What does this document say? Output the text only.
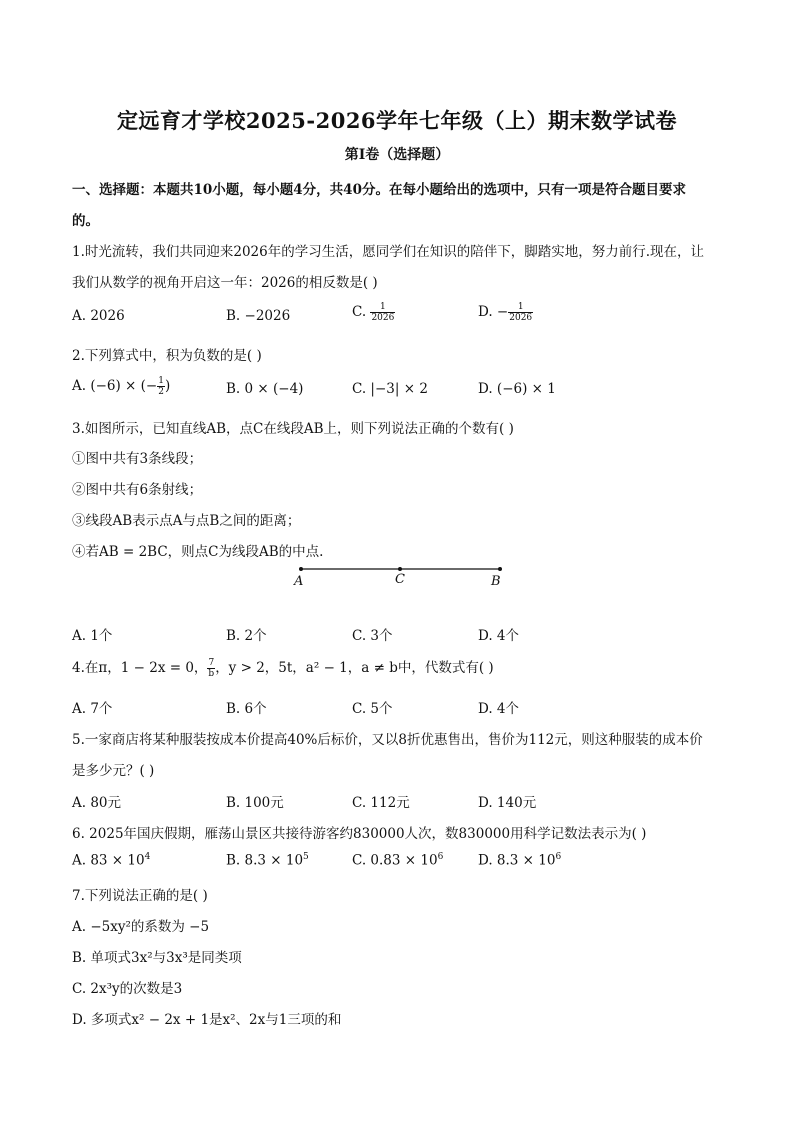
定远育才学校2025-2026学年七年级（上）期末数学试卷
第Ⅰ卷（选择题）
一、选择题：本题共10小题，每小题4分，共40分。在每小题给出的选项中，只有一项是符合题目要求
的。
1.时光流转，我们共同迎来2026年的学习生活，愿同学们在知识的陪伴下，脚踏实地，努力前行.现在，让
我们从数学的视角开启这一年：2026的相反数是( )
A. 2026	B. −2026	C. $\frac{1}{2026}$	D. − $\frac{1}{2026}$
2.下列算式中，积为负数的是( )
A. (−6) × (− $\frac{1}{2}$ )	B. 0 × (−4)	C. |−3| × 2	D. (−6) × 1
3.如图所示，已知直线AB，点C在线段AB上，则下列说法正确的个数有( )
①图中共有3条线段；
②图中共有6条射线；
③线段AB表示点A与点B之间的距离；
④若AB = 2BC，则点C为线段AB的中点.
A	C	B
A. 1个	B. 2个	C. 3个	D. 4个
4.在π，1 − 2x = 0， $\frac{7}{b}$ ，y > 2，5t，a² − 1，a ≠ b中，代数式有( )
A. 7个	B. 6个	C. 5个	D. 4个
5.一家商店将某种服装按成本价提高40%后标价，又以8折优惠售出，售价为112元，则这种服装的成本价
是多少元？( )
A. 80元	B. 100元	C. 112元	D. 140元
6. 2025年国庆假期，雁荡山景区共接待游客约830000人次，数830000用科学记数法表示为( )
A. $83 \times 10^4$	B. $8.3 \times 10^5$	C. $0.83 \times 10^6$	D. $8.3 \times 10^6$
7.下列说法正确的是( )
A. −5xy²的系数为 −5
B. 单项式3x²与3x³是同类项
C. 2x³y的次数是3
D. 多项式x² − 2x + 1是x²、2x与1三项的和
